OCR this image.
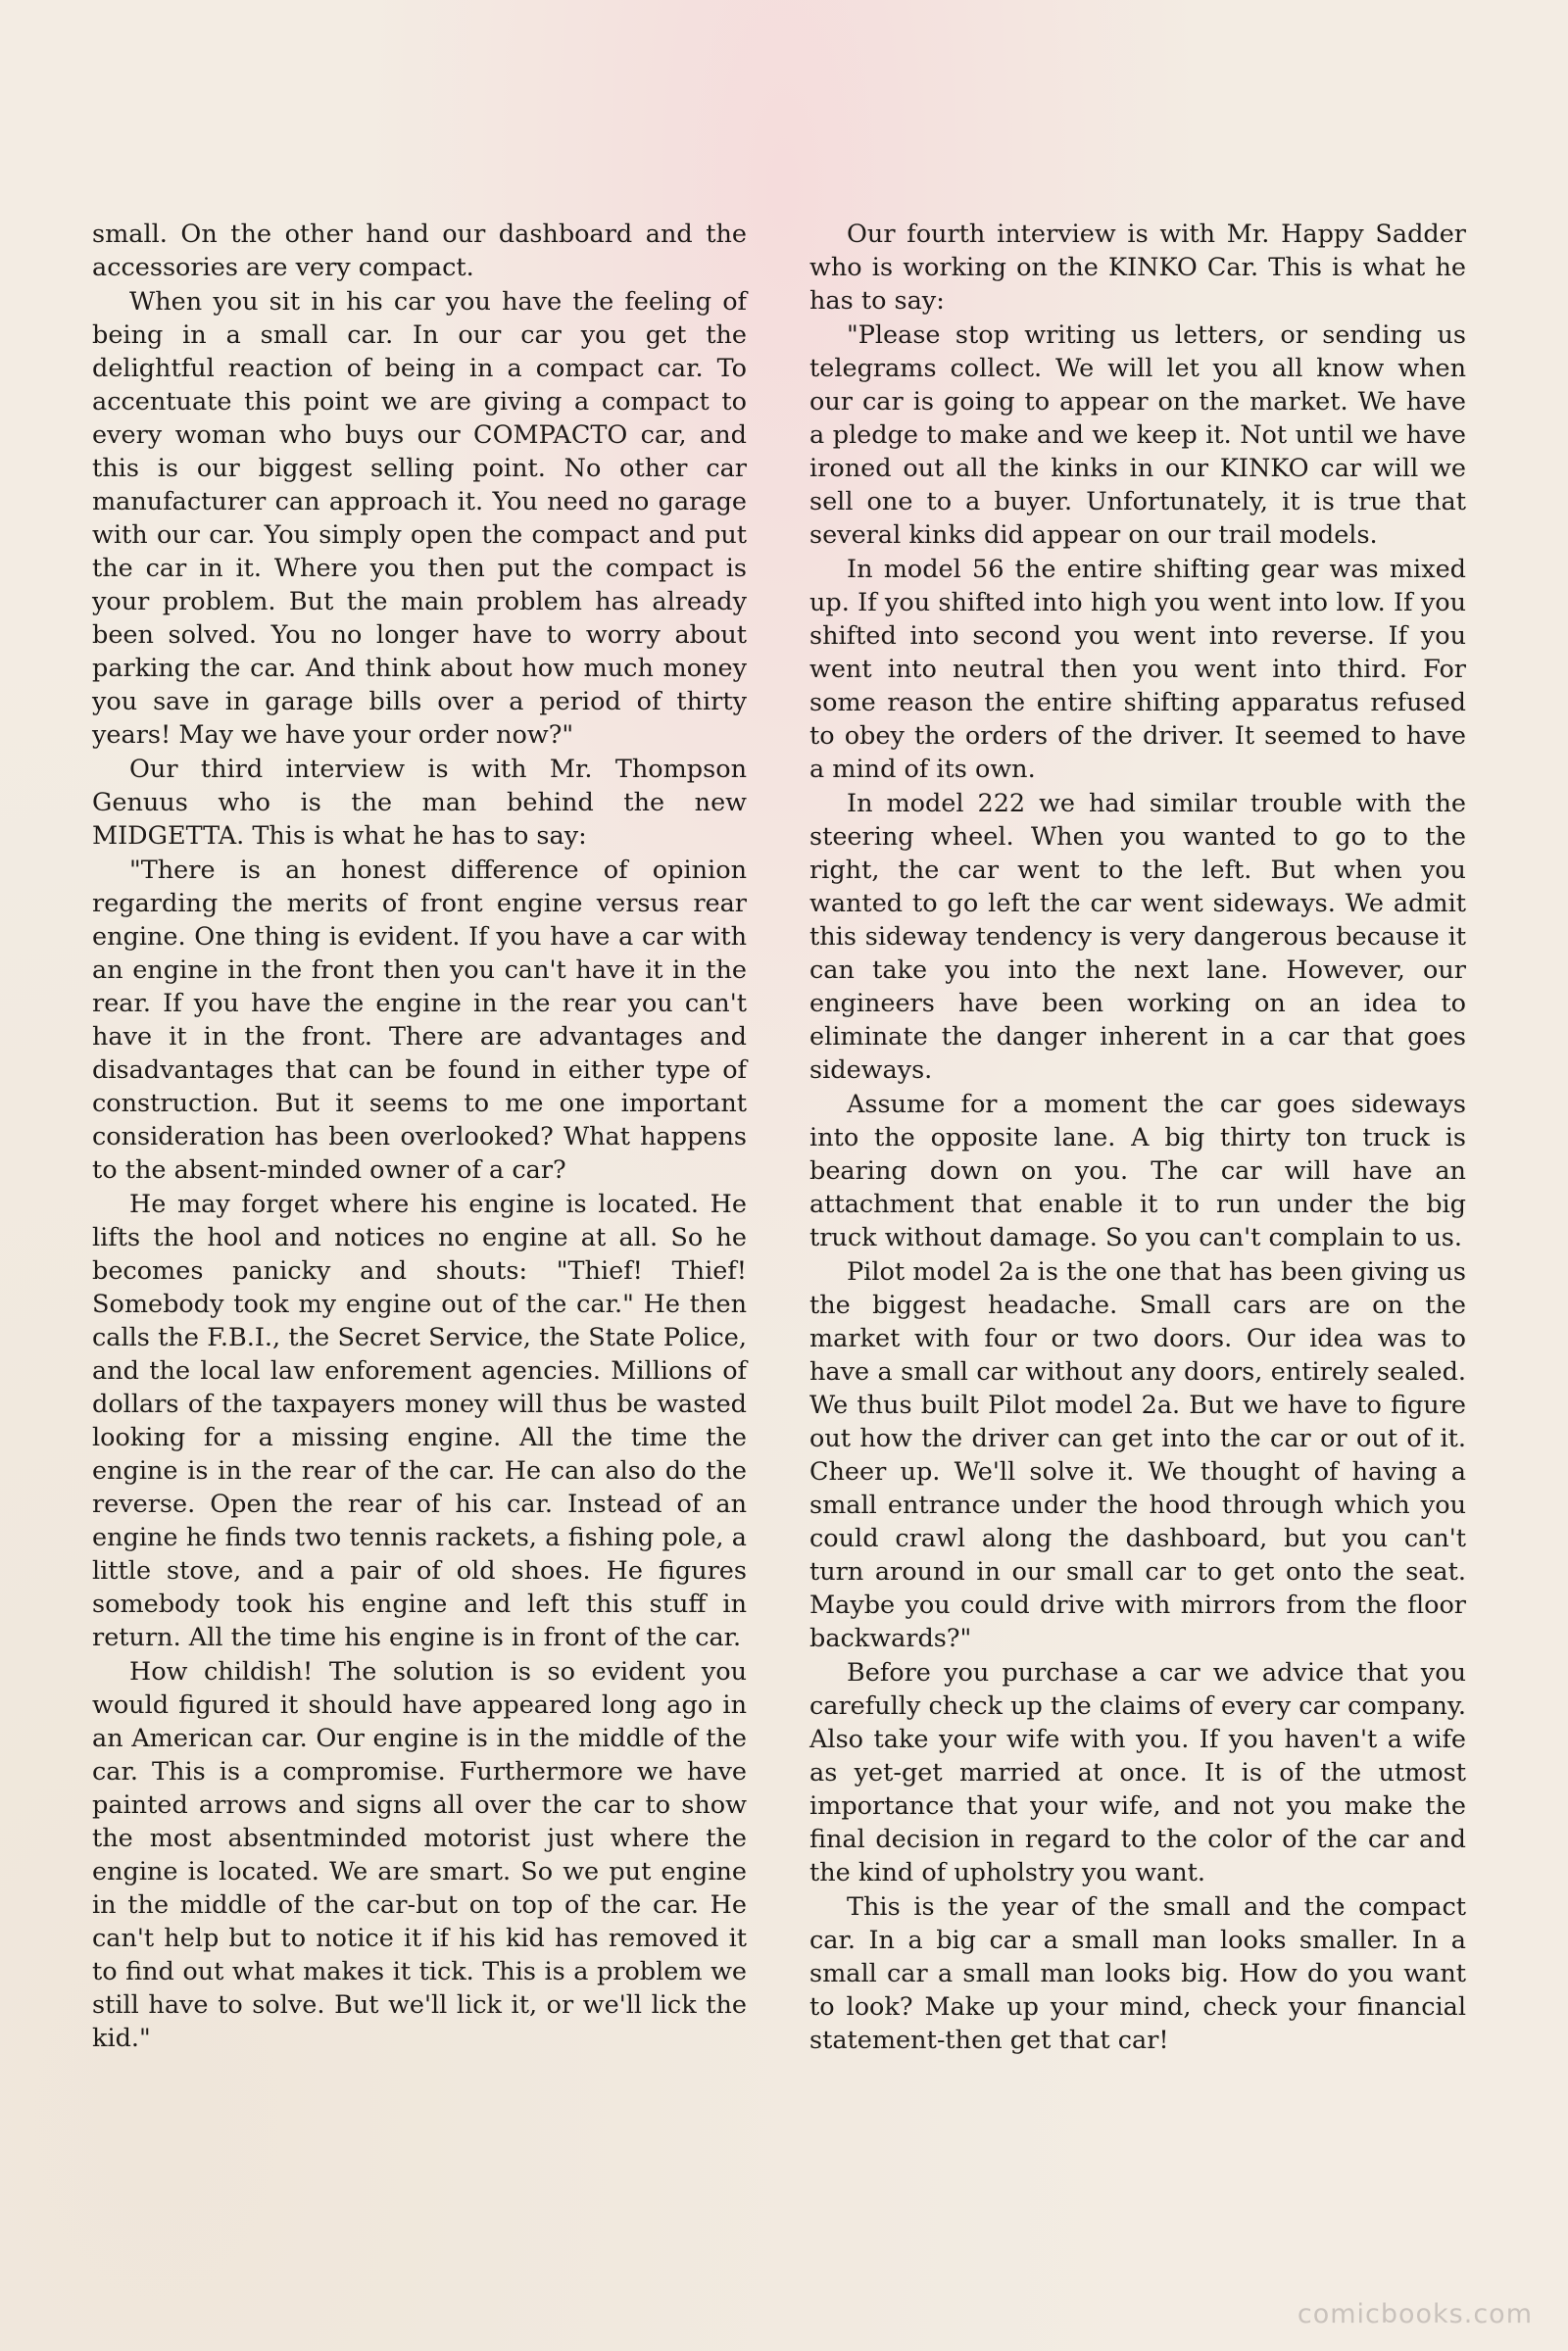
small. On the other hand our dashboard and the accessories are very compact.

When you sit in his car you have the feeling of being in a small car. In our car you get the delightful reaction of being in a compact car. To accentuate this point we are giving a compact to every woman who buys our COMPACTO car, and this is our biggest selling point. No other car manufacturer can approach it. You need no garage with our car. You simply open the compact and put the car in it. Where you then put the compact is your problem. But the main problem has already been solved. You no longer have to worry about parking the car. And think about how much money you save in garage bills over a period of thirty years! May we have your order now?"

Our third interview is with Mr. Thompson Genuus who is the man behind the new MIDGETTA. This is what he has to say:

"There is an honest difference of opinion regarding the merits of front engine versus rear engine. One thing is evident. If you have a car with an engine in the front then you can't have it in the rear. If you have the engine in the rear you can't have it in the front. There are advantages and disadvantages that can be found in either type of construction. But it seems to me one important consideration has been overlooked? What happens to the absent-minded owner of a car?

He may forget where his engine is located. He lifts the hool and notices no engine at all. So he becomes panicky and shouts: "Thief! Thief! Somebody took my engine out of the car." He then calls the F.B.I., the Secret Service, the State Police, and the local law enforement agencies. Millions of dollars of the taxpayers money will thus be wasted looking for a missing engine. All the time the engine is in the rear of the car. He can also do the reverse. Open the rear of his car. Instead of an engine he finds two tennis rackets, a fishing pole, a little stove, and a pair of old shoes. He figures somebody took his engine and left this stuff in return. All the time his engine is in front of the car.

How childish! The solution is so evident you would figured it should have appeared long ago in an American car. Our engine is in the middle of the car. This is a compromise. Furthermore we have painted arrows and signs all over the car to show the most absentminded motorist just where the engine is located. We are smart. So we put engine in the middle of the car-but on top of the car. He can't help but to notice it if his kid has removed it to find out what makes it tick. This is a problem we still have to solve. But we'll lick it, or we'll lick the kid."

Our fourth interview is with Mr. Happy Sadder who is working on the KINKO Car. This is what he has to say:

"Please stop writing us letters, or sending us telegrams collect. We will let you all know when our car is going to appear on the market. We have a pledge to make and we keep it. Not until we have ironed out all the kinks in our KINKO car will we sell one to a buyer. Unfortunately, it is true that several kinks did appear on our trail models.

In model 56 the entire shifting gear was mixed up. If you shifted into high you went into low. If you shifted into second you went into reverse. If you went into neutral then you went into third. For some reason the entire shifting apparatus refused to obey the orders of the driver. It seemed to have a mind of its own.

In model 222 we had similar trouble with the steering wheel. When you wanted to go to the right, the car went to the left. But when you wanted to go left the car went sideways. We admit this sideway tendency is very dangerous because it can take you into the next lane. However, our engineers have been working on an idea to eliminate the danger inherent in a car that goes sideways.

Assume for a moment the car goes sideways into the opposite lane. A big thirty ton truck is bearing down on you. The car will have an attachment that enable it to run under the big truck without damage. So you can't complain to us.

Pilot model 2a is the one that has been giving us the biggest headache. Small cars are on the market with four or two doors. Our idea was to have a small car without any doors, entirely sealed. We thus built Pilot model 2a. But we have to figure out how the driver can get into the car or out of it. Cheer up. We'll solve it. We thought of having a small entrance under the hood through which you could crawl along the dashboard, but you can't turn around in our small car to get onto the seat. Maybe you could drive with mirrors from the floor backwards?"

Before you purchase a car we advice that you carefully check up the claims of every car company. Also take your wife with you. If you haven't a wife as yet-get married at once. It is of the utmost importance that your wife, and not you make the final decision in regard to the color of the car and the kind of upholstry you want.

This is the year of the small and the compact car. In a big car a small man looks smaller. In a small car a small man looks big. How do you want to look? Make up your mind, check your financial statement-then get that car!

comicbooks.com
